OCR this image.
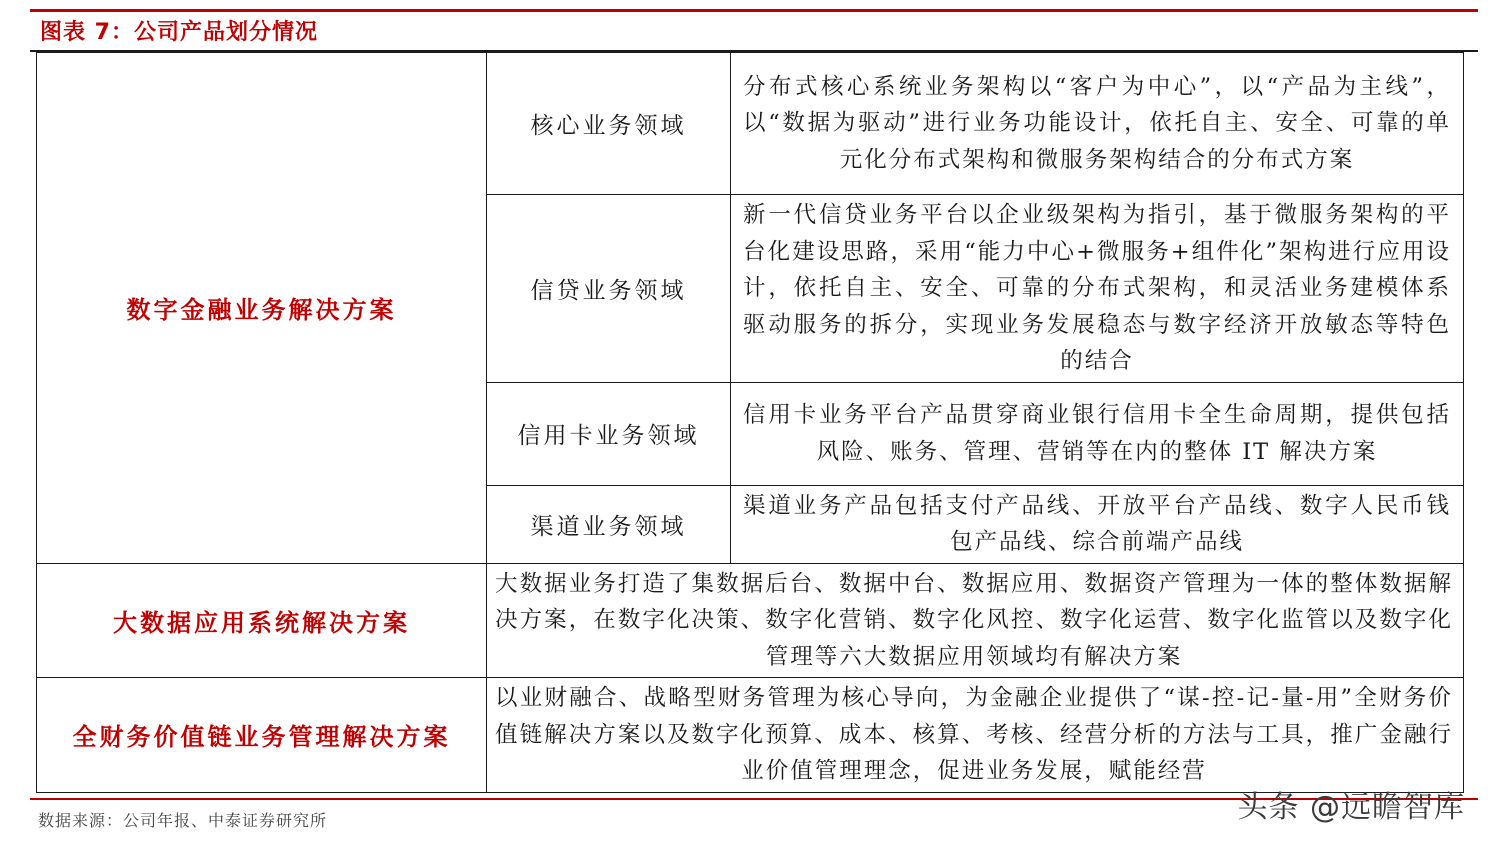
图表 7：公司产品划分情况
数字金融业务解决方案	核心业务领域	分布式核心系统业务架构以“客户为中心”，以“产品为主线”，以“数据为驱动”进行业务功能设计，依托自主、安全、可靠的单元化分布式架构和微服务架构结合的分布式方案
	信贷业务领域	新一代信贷业务平台以企业级架构为指引，基于微服务架构的平台化建设思路，采用“能力中心+微服务+组件化”架构进行应用设计，依托自主、安全、可靠的分布式架构，和灵活业务建模体系驱动服务的拆分，实现业务发展稳态与数字经济开放敏态等特色的结合
	信用卡业务领域	信用卡业务平台产品贯穿商业银行信用卡全生命周期，提供包括风险、账务、管理、营销等在内的整体 IT 解决方案
	渠道业务领域	渠道业务产品包括支付产品线、开放平台产品线、数字人民币钱包产品线、综合前端产品线
大数据应用系统解决方案	大数据业务打造了集数据后台、数据中台、数据应用、数据资产管理为一体的整体数据解决方案，在数字化决策、数字化营销、数字化风控、数字化运营、数字化监管以及数字化管理等六大数据应用领域均有解决方案	
全财务价值链业务管理解决方案	以业财融合、战略型财务管理为核心导向，为金融企业提供了“谋-控-记-量-用”全财务价值链解决方案以及数字化预算、成本、核算、考核、经营分析的方法与工具，推广金融行业价值管理理念，促进业务发展，赋能经营	
数据来源：公司年报、中泰证券研究所	头条 @远瞻智库
